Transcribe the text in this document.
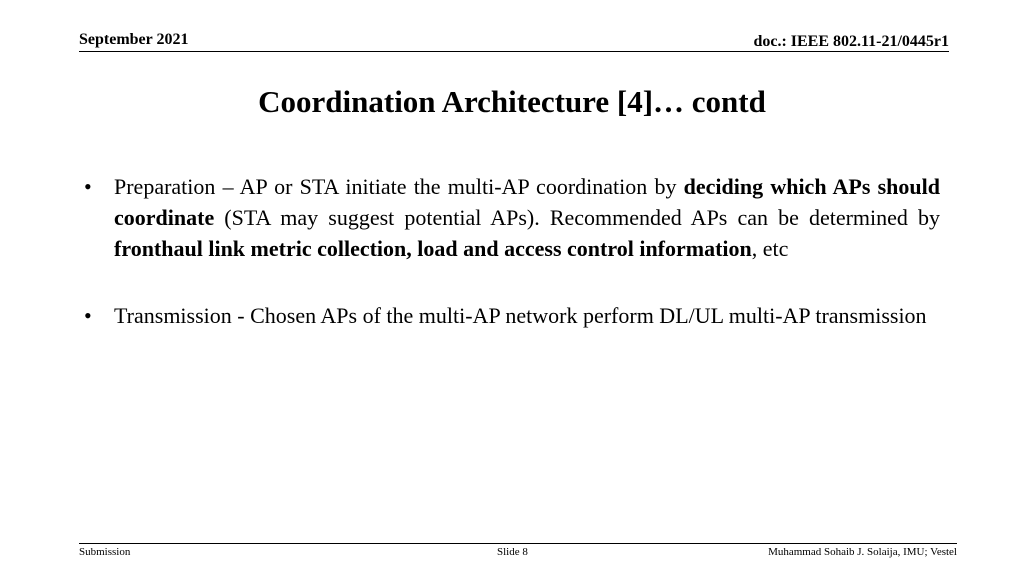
September 2021	doc.: IEEE 802.11-21/0445r1
Coordination Architecture [4]… contd
•	Preparation – AP or STA initiate the multi-AP coordination by deciding which APs should coordinate (STA may suggest potential APs). Recommended APs can be determined by fronthaul link metric collection, load and access control information, etc
•	Transmission - Chosen APs of the multi-AP network perform DL/UL multi-AP transmission
Submission	Slide 8	Muhammad Sohaib J. Solaija, IMU; Vestel
